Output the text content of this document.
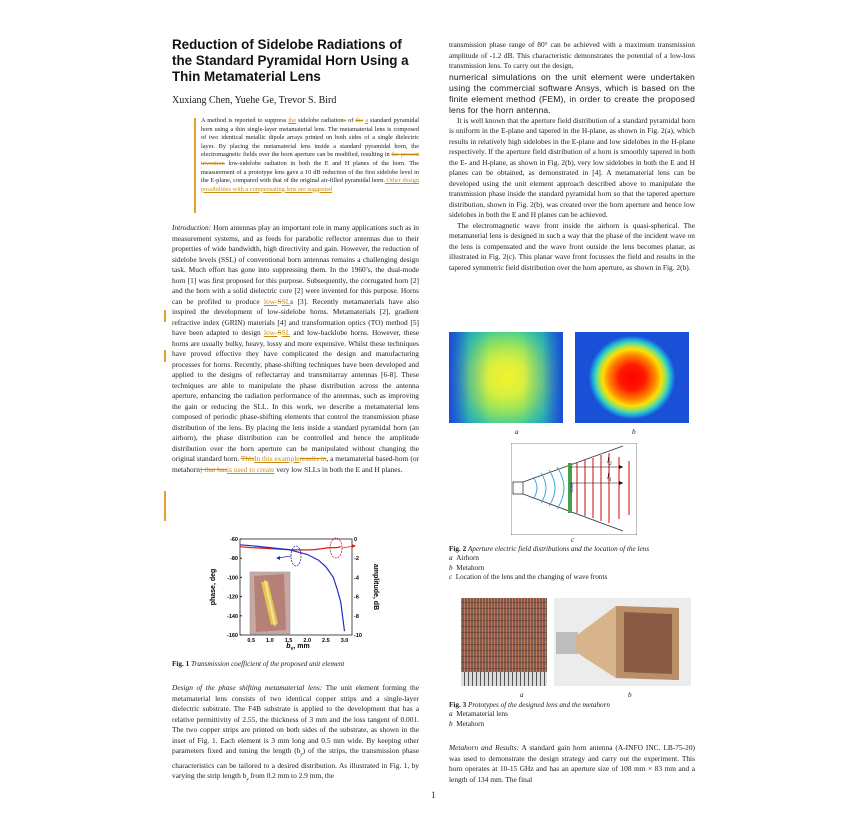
Reduction of Sidelobe Radiations of the Standard Pyramidal Horn Using a Thin Metamaterial Lens
Xuxiang Chen, Yuehe Ge, Trevor S. Bird
A method is reported to suppress the sidelobe radiations of the a standard pyramidal horn using a thin single-layer metamaterial lens. The metamaterial lens is composed of two identical metallic dipole arrays printed on both sides of a single dielectric layer. By placing the metamaterial lens inside a standard pyramidal horn, the electromagnetic fields over the horn aperture can be modified, resulting in the present invention low-sidelobe radiation in both the E and H planes of the horn. The measurement of a prototype lens gave a 10 dB reduction of the first sidelobe level in the E-plane, compared with that of the original air-filled pyramidal horn. Other design possibilities with a compensating lens are suggested

Introduction: Horn antennas play an important role in many applications such as in measurement systems, and as feeds for parabolic reflector antennas due to their properties of wide bandwidth, high directivity and gain. However, the reduction of sidelobe levels (SSL) of conventional horn antennas remains a challenging design task. Much effort has gone into suppressing them. In the 1960’s, the dual-mode horn [1] was first proposed for this purpose. Subsequently, the corrugated horn [2] and the horn with a solid dielectric core [2] were invented for this purpose. Horns can be profiled to produce low-SSLs [3]. Recently metamaterials have also inspired the development of low-sidelobe horns. Metamaterials [2], gradient refractive index (GRIN) materials [4] and transformation optics (TO) method [5] have been adapted to design low-SSL and low-backlobe horns. However, these horns are usually bulky, heavy, lossy and more expensive. Whilst these techniques have proved effective they have complicated the design and manufacturing processes for horns. Recently, phase-shifting techniques have been developed and applied to the designs of reflectarray and transmitarray antennas [6-8]. These techniques are able to manipulate the phase distribution across the antenna aperture, enhancing the radiation performance of the antennas, such as improving the gain or reducing the SLL. In this work, we describe a metamaterial lens composed of periodic phase-shifting elements that control the transmission phase distribution of the lens. By placing the lens inside a standard pyramidal horn (an airhorn), the phase distribution can be controlled and hence the amplitude distribution over the horn aperture can be manipulated without changing the original standard horn. ThisIn this exampleresults in, a metamaterial based-horn (or metahorn) that hasis used to create very low SLLs in both the E and H planes.

-60
-80
-100
-120
-140
-160
0
-2
-4
-6
-8
-10
0.5 1.0 1.5 2.0 2.5 3.0
phase, deg	amplitude, dB
$b_y$, mm
Fig. 1 Transmission coefficient of the proposed unit element

Design of the phase shifting metamaterial lens: The unit element forming the metamaterial lens consists of two identical copper strips and a single-layer dielectric substrate. The F4B substrate is applied to the development that has a relative permittivity of 2.55, the thickness of 3 mm and the loss tangent of 0.001. The two copper strips are printed on both sides of the substrate, as shown in the inset of Fig. 1. Each element is 3 mm long and 0.5 mm wide. By keeping other parameters fixed and tuning the length $(b_y)$ of the strips, the transmission phase characteristics can be tailored to a desired distribution. As illustrated in Fig. 1, by varying the strip length $b_y$ from 0.2 mm to 2.9 mm, the

transmission phase range of 80° can be achieved with a maximum transmission amplitude of -1.2 dB. This characteristic demonstrates the potential of a low-loss transmission lens. To carry out the design,

numerical simulations on the unit element were undertaken using the commercial software Ansys, which is based on the finite element method (FEM), in order to create the proposed lens for the horn antenna.

It is well known that the aperture field distribution of a standard pyramidal horn is uniform in the E-plane and tapered in the H-plane, as shown in Fig. 2(a), which results in relatively high sidelobes in the E-plane and low sidelobes in the H-plane respectively. If the aperture field distribution of a horn is smoothly tapered in both the E- and H-plane, as shown in Fig. 2(b), very low sidelobes in both the E and H planes can be obtained, as demonstrated in [4]. A metamaterial lens can be developed using the unit element approach described above to manipulate the transmission phase inside the standard pyramidal horn so that the tapered aperture distribution, shown in Fig. 2(b), was created over the horn aperture and hence low sidelobes in both the E and H planes can be achieved.

The electromagnetic wave front inside the airhorn is quasi-spherical. The metamaterial lens is designed in such a way that the phase of the incident wave on the lens is compensated and the wave front outside the lens becomes planar, as illustrated in Fig. 2(c). This planar wave front focusses the field and results in the tapered symmetric field distribution over the horn aperture, as shown in Fig. 2(b).

a	b
lens
$l_2$
$l_1$
c
Fig. 2 Aperture electric field distributions and the location of the lens
a Airhorn
b Metahorn
c Location of the lens and the changing of wave fronts
a	b
Fig. 3 Prototypes of the designed lens and the metahorn
a Metamaterial lens
b Metahorn

Metahorn and Results: A standard gain horn antenna (A-INFO INC. LB-75-20) was used to demonstrate the design strategy and carry out the experiment. This horn operates at 10-15 GHz and has an aperture size of 108 mm × 83 mm and a length of 134 mm. The final

1
